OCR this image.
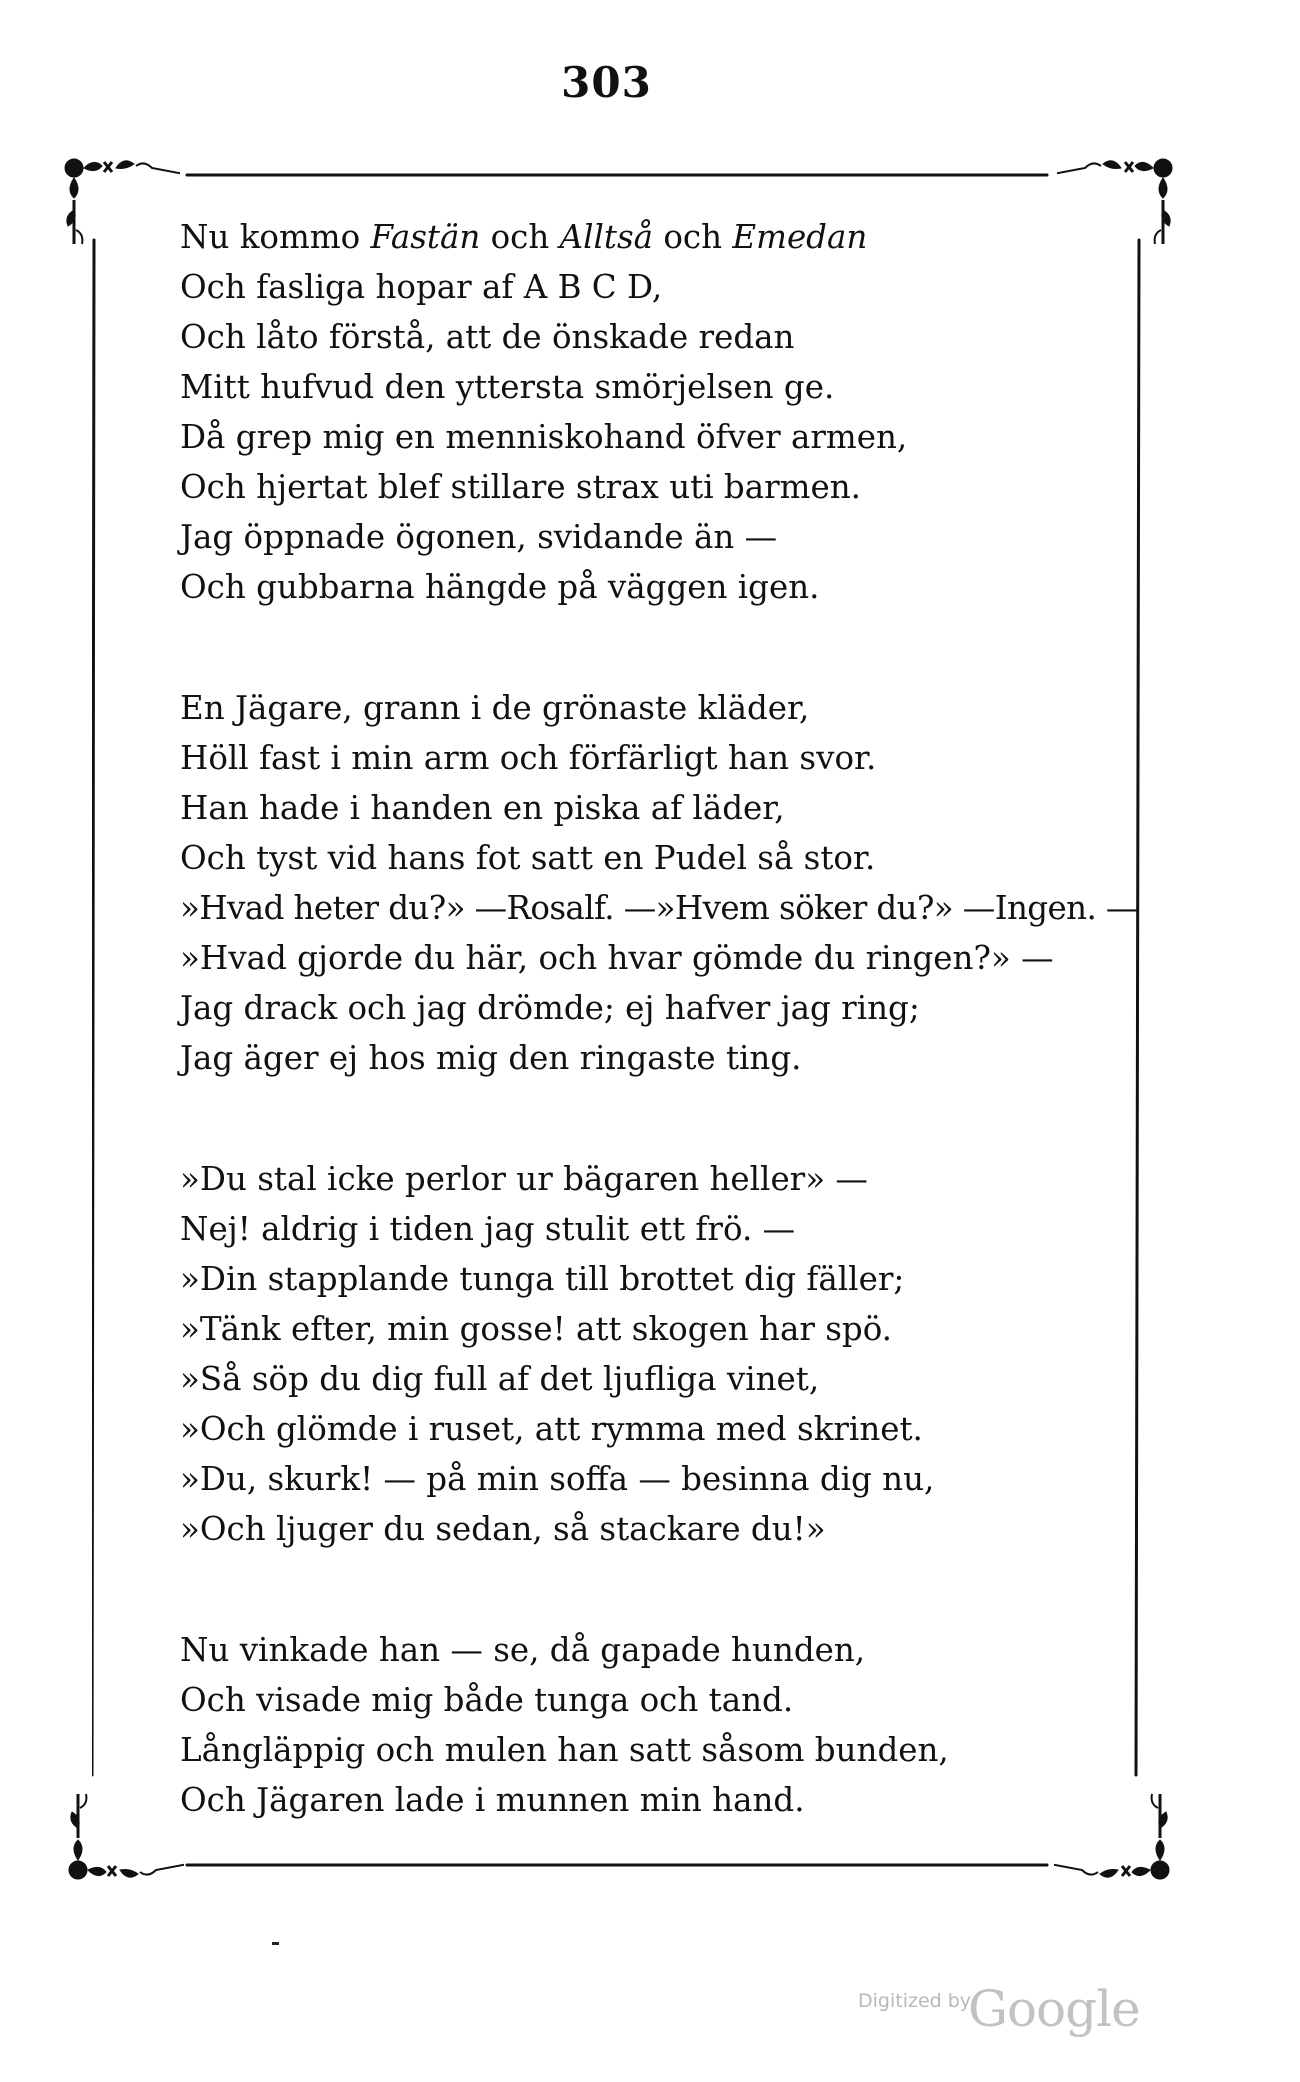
303
Nu kommo Fastän och Alltså och Emedan
Och fasliga hopar af A B C D,
Och låto förstå, att de önskade redan
Mitt hufvud den yttersta smörjelsen ge.
Då grep mig en menniskohand öfver armen,
Och hjertat blef stillare strax uti barmen.
Jag öppnade ögonen, svidande än —
Och gubbarna hängde på väggen igen.
En Jägare, grann i de grönaste kläder,
Höll fast i min arm och förfärligt han svor.
Han hade i handen en piska af läder,
Och tyst vid hans fot satt en Pudel så stor.
»Hvad heter du?» —Rosalf. —»Hvem söker du?» —Ingen. —
»Hvad gjorde du här, och hvar gömde du ringen?» —
Jag drack och jag drömde; ej hafver jag ring;
Jag äger ej hos mig den ringaste ting.
»Du stal icke perlor ur bägaren heller» —
Nej! aldrig i tiden jag stulit ett frö. —
»Din stapplande tunga till brottet dig fäller;
»Tänk efter, min gosse! att skogen har spö.
»Så söp du dig full af det ljufliga vinet,
»Och glömde i ruset, att rymma med skrinet.
»Du, skurk! — på min soffa — besinna dig nu,
»Och ljuger du sedan, så stackare du!»
Nu vinkade han — se, då gapade hunden,
Och visade mig både tunga och tand.
Långläppig och mulen han satt såsom bunden,
Och Jägaren lade i munnen min hand.
Digitized by
Google
